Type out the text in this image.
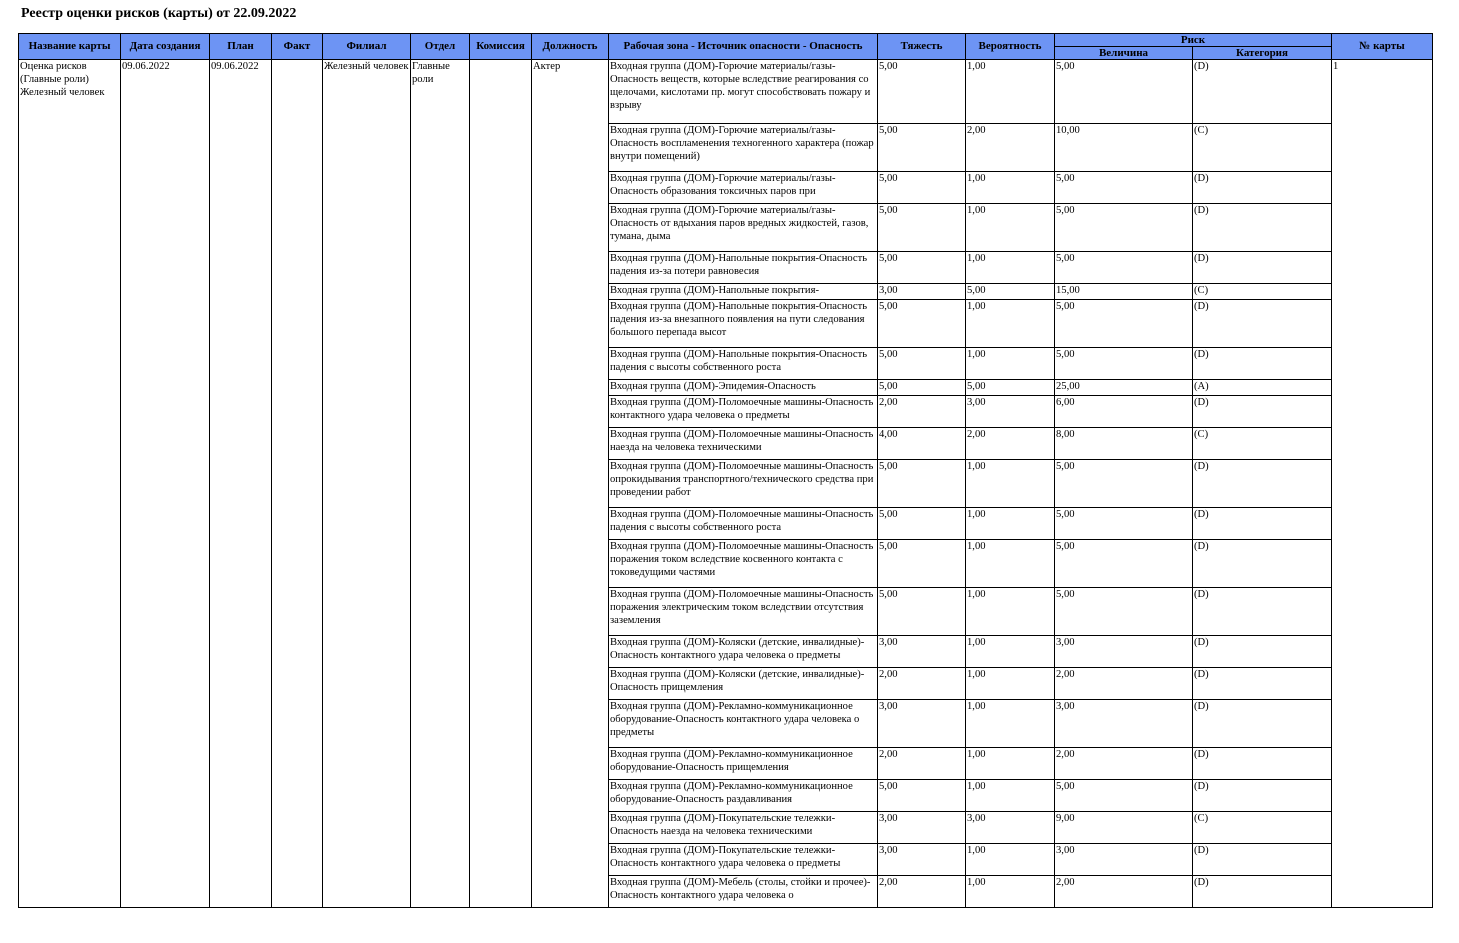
Реестр оценки рисков (карты) от 22.09.2022
Название карты	Дата создания	План	Факт	Филиал	Отдел	Комиссия	Должность	Рабочая зона - Источник опасности - Опасность	Тяжесть	Вероятность	Риск		№ карты
											Величина	Категория	
Оценка рисков (Главные роли) Железный человек	09.06.2022	09.06.2022		Железный человек	Главные роли		Актер	Входная группа (ДОМ)-Горючие материалы/газы-Опасность веществ, которые вследствие реагирования со щелочами, кислотами пр. могут способствовать пожару и взрыву	5,00	1,00	5,00	(D)	1

								Входная группа (ДОМ)-Горючие материалы/газы-Опасность воспламенения техногенного характера (пожар внутри помещений)	5,00	2,00	10,00	(C)	

								Входная группа (ДОМ)-Горючие материалы/газы-Опасность образования токсичных паров при	5,00	1,00	5,00	(D)	

								Входная группа (ДОМ)-Горючие материалы/газы-Опасность от вдыхания паров вредных жидкостей, газов, тумана, дыма	5,00	1,00	5,00	(D)	

								Входная группа (ДОМ)-Напольные покрытия-Опасность падения из-за потери равновесия	5,00	1,00	5,00	(D)	

								Входная группа (ДОМ)-Напольные покрытия-	3,00	5,00	15,00	(C)	

								Входная группа (ДОМ)-Напольные покрытия-Опасность падения из-за внезапного появления на пути следования большого перепада высот	5,00	1,00	5,00	(D)	

								Входная группа (ДОМ)-Напольные покрытия-Опасность падения с высоты собственного роста	5,00	1,00	5,00	(D)	

								Входная группа (ДОМ)-Эпидемия-Опасность	5,00	5,00	25,00	(A)	

								Входная группа (ДОМ)-Поломоечные машины-Опасность контактного удара человека о предметы	2,00	3,00	6,00	(D)	

								Входная группа (ДОМ)-Поломоечные машины-Опасность наезда на человека техническими	4,00	2,00	8,00	(C)	

								Входная группа (ДОМ)-Поломоечные машины-Опасность опрокидывания транспортного/технического средства при проведении работ	5,00	1,00	5,00	(D)	

								Входная группа (ДОМ)-Поломоечные машины-Опасность падения с высоты собственного роста	5,00	1,00	5,00	(D)	

								Входная группа (ДОМ)-Поломоечные машины-Опасность поражения током вследствие косвенного контакта с токоведущими частями	5,00	1,00	5,00	(D)	

								Входная группа (ДОМ)-Поломоечные машины-Опасность поражения электрическим током вследствии отсутствия заземления	5,00	1,00	5,00	(D)	

								Входная группа (ДОМ)-Коляски (детские, инвалидные)-Опасность контактного удара человека о предметы	3,00	1,00	3,00	(D)	

								Входная группа (ДОМ)-Коляски (детские, инвалидные)-Опасность прищемления	2,00	1,00	2,00	(D)	

								Входная группа (ДОМ)-Рекламно-коммуникационное оборудование-Опасность контактного удара человека о предметы	3,00	1,00	3,00	(D)	

								Входная группа (ДОМ)-Рекламно-коммуникационное оборудование-Опасность прищемления	2,00	1,00	2,00	(D)	

								Входная группа (ДОМ)-Рекламно-коммуникационное оборудование-Опасность раздавливания	5,00	1,00	5,00	(D)	

								Входная группа (ДОМ)-Покупательские тележки-Опасность наезда на человека техническими	3,00	3,00	9,00	(C)	

								Входная группа (ДОМ)-Покупательские тележки-Опасность контактного удара человека о предметы	3,00	1,00	3,00	(D)	

								Входная группа (ДОМ)-Мебель (столы, стойки и прочее)-Опасность контактного удара человека о	2,00	1,00	2,00	(D)	
